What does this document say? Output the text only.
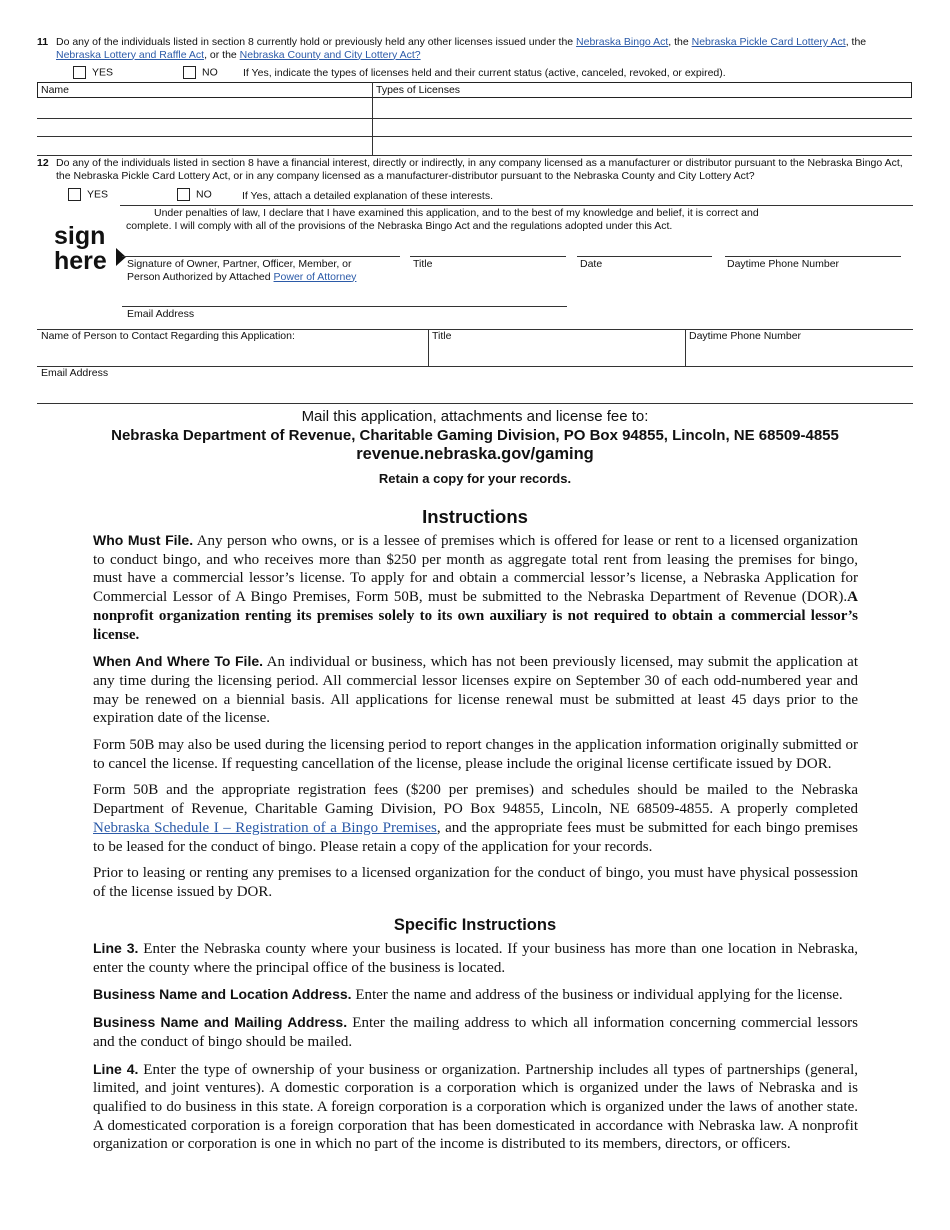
11 Do any of the individuals listed in section 8 currently hold or previously held any other licenses issued under the Nebraska Bingo Act, the Nebraska Pickle Card Lottery Act, the
Nebraska Lottery and Raffle Act, or the Nebraska County and City Lottery Act?
YES	NO If Yes, indicate the types of licenses held and their current status (active, canceled, revoked, or expired).
Name	Types of Licenses
12 Do any of the individuals listed in section 8 have a financial interest, directly or indirectly, in any company licensed as a manufacturer or distributor pursuant to the Nebraska Bingo Act, the Nebraska Pickle Card Lottery Act, or in any company licensed as a manufacturer-distributor pursuant to the Nebraska County and City Lottery Act?
YES	NO	If Yes, attach a detailed explanation of these interests.
sign
here
Under penalties of law, I declare that I have examined this application, and to the best of my knowledge and belief, it is correct and complete. I will comply with all of the provisions of the Nebraska Bingo Act and the regulations adopted under this Act.
Signature of Owner, Partner, Officer, Member, or
Person Authorized by Attached Power of Attorney
Title	Date	Daytime Phone Number
Email Address
Name of Person to Contact Regarding this Application:	Title	Daytime Phone Number
Email Address
Mail this application, attachments and license fee to:
Nebraska Department of Revenue, Charitable Gaming Division, PO Box 94855, Lincoln, NE 68509-4855
revenue.nebraska.gov/gaming
Retain a copy for your records.
Instructions

Who Must File. Any person who owns, or is a lessee of premises which is offered for lease or rent to a licensed organization to conduct bingo, and who receives more than $250 per month as aggregate total rent from leasing the premises for bingo, must have a commercial lessor’s license. To apply for and obtain a commercial lessor’s license, a Nebraska Application for Commercial Lessor of A Bingo Premises, Form 50B, must be submitted to the Nebraska Department of Revenue (DOR).A nonprofit organization renting its premises solely to its own auxiliary is not required to obtain a commercial lessor’s license.

When And Where To File. An individual or business, which has not been previously licensed, may submit the application at any time during the licensing period. All commercial lessor licenses expire on September 30 of each odd-numbered year and may be renewed on a biennial basis. All applications for license renewal must be submitted at least 45 days prior to the expiration date of the license.

Form 50B may also be used during the licensing period to report changes in the application information originally submitted or to cancel the license. If requesting cancellation of the license, please include the original license certificate issued by DOR.

Form 50B and the appropriate registration fees ($200 per premises) and schedules should be mailed to the Nebraska Department of Revenue, Charitable Gaming Division, PO Box 94855, Lincoln, NE 68509-4855. A properly completed Nebraska Schedule I – Registration of a Bingo Premises, and the appropriate fees must be submitted for each bingo premises to be leased for the conduct of bingo. Please retain a copy of the application for your records.

Prior to leasing or renting any premises to a licensed organization for the conduct of bingo, you must have physical possession of the license issued by DOR.

Specific Instructions

Line 3. Enter the Nebraska county where your business is located. If your business has more than one location in Nebraska, enter the county where the principal office of the business is located.

Business Name and Location Address. Enter the name and address of the business or individual applying for the license.

Business Name and Mailing Address. Enter the mailing address to which all information concerning commercial lessors and the conduct of bingo should be mailed.

Line 4. Enter the type of ownership of your business or organization. Partnership includes all types of partnerships (general, limited, and joint ventures). A domestic corporation is a corporation which is organized under the laws of Nebraska and is qualified to do business in this state. A foreign corporation is a corporation which is organized under the laws of another state. A domesticated corporation is a foreign corporation that has been domesticated in accordance with Nebraska law. A nonprofit organization or corporation is one in which no part of the income is distributed to its members, directors, or officers.
